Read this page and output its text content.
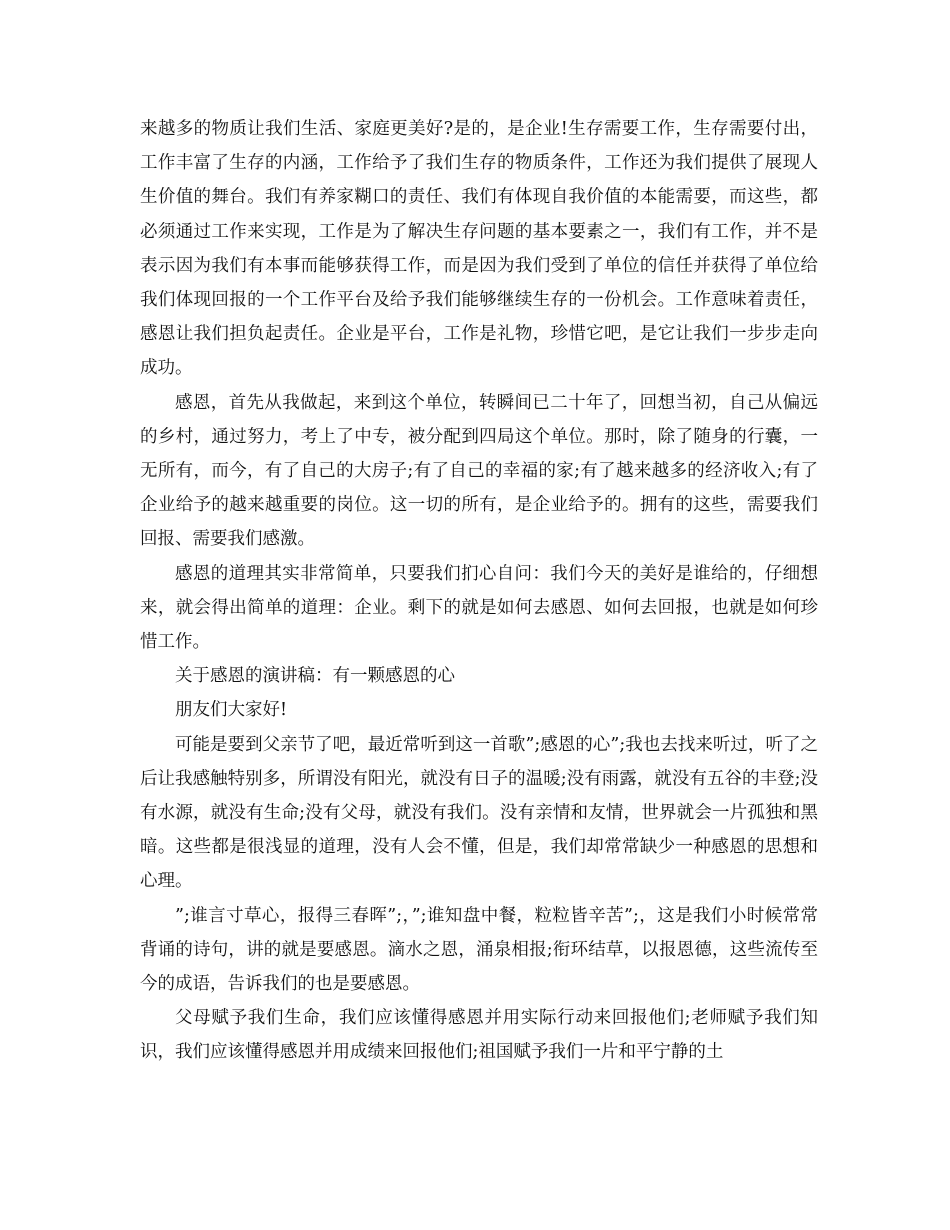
来越多的物质让我们生活、家庭更美好?是的，是企业!生存需要工作，生存需要付出，工作丰富了生存的内涵，工作给予了我们生存的物质条件，工作还为我们提供了展现人生价值的舞台。我们有养家糊口的责任、我们有体现自我价值的本能需要，而这些，都必须通过工作来实现，工作是为了解决生存问题的基本要素之一，我们有工作，并不是表示因为我们有本事而能够获得工作，而是因为我们受到了单位的信任并获得了单位给我们体现回报的一个工作平台及给予我们能够继续生存的一份机会。工作意味着责任，感恩让我们担负起责任。企业是平台，工作是礼物，珍惜它吧，是它让我们一步步走向成功。

感恩，首先从我做起，来到这个单位，转瞬间已二十年了，回想当初，自己从偏远的乡村，通过努力，考上了中专，被分配到四局这个单位。那时，除了随身的行囊，一无所有，而今，有了自己的大房子;有了自己的幸福的家;有了越来越多的经济收入;有了企业给予的越来越重要的岗位。这一切的所有，是企业给予的。拥有的这些，需要我们回报、需要我们感激。

感恩的道理其实非常简单，只要我们扪心自问：我们今天的美好是谁给的，仔细想来，就会得出简单的道理：企业。剩下的就是如何去感恩、如何去回报，也就是如何珍惜工作。

关于感恩的演讲稿：有一颗感恩的心

朋友们大家好!

可能是要到父亲节了吧，最近常听到这一首歌”;感恩的心”;我也去找来听过，听了之后让我感触特别多，所谓没有阳光，就没有日子的温暖;没有雨露，就没有五谷的丰登;没有水源，就没有生命;没有父母，就没有我们。没有亲情和友情，世界就会一片孤独和黑暗。这些都是很浅显的道理，没有人会不懂，但是，我们却常常缺少一种感恩的思想和心理。

”;谁言寸草心，报得三春晖”;，”;谁知盘中餐，粒粒皆辛苦”;，这是我们小时候常常背诵的诗句，讲的就是要感恩。滴水之恩，涌泉相报;衔环结草，以报恩德，这些流传至今的成语，告诉我们的也是要感恩。

父母赋予我们生命，我们应该懂得感恩并用实际行动来回报他们;老师赋予我们知识，我们应该懂得感恩并用成绩来回报他们;祖国赋予我们一片和平宁静的土
